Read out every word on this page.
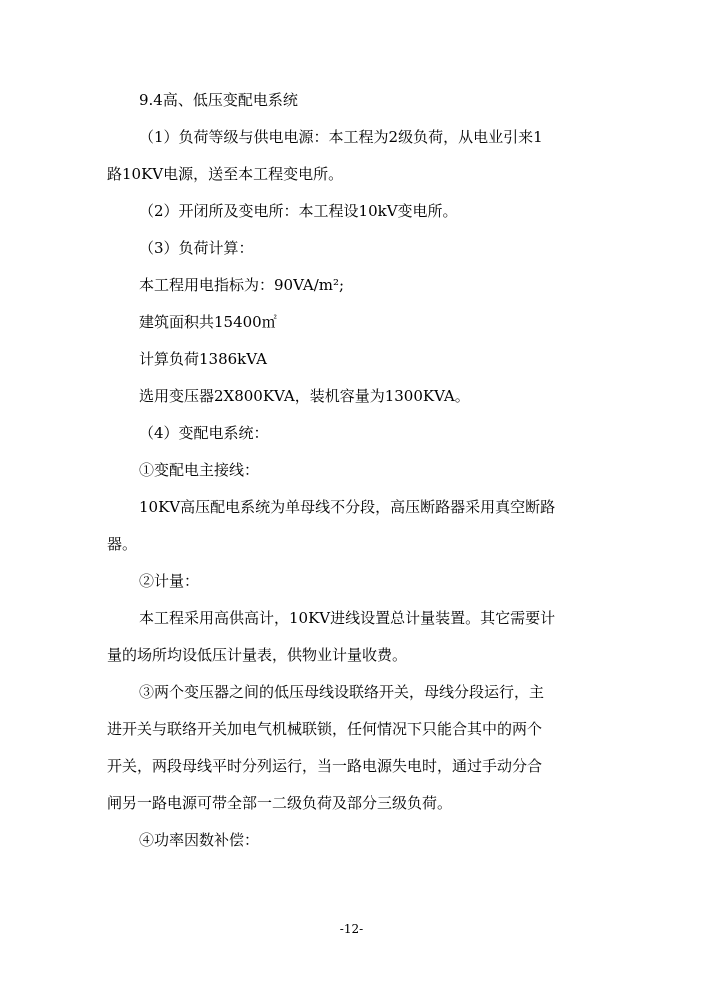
9.4高、低压变配电系统
（1）负荷等级与供电电源：本工程为2级负荷，从电业引来1
路10KV电源，送至本工程变电所。
（2）开闭所及变电所：本工程设10kV变电所。
（3）负荷计算：
本工程用电指标为：90VA/m²;
建筑面积共15400㎡
计算负荷1386kVA
选用变压器2X800KVA，装机容量为1300KVA。
（4）变配电系统：
①变配电主接线：
10KV高压配电系统为单母线不分段，高压断路器采用真空断路
器。
②计量：
本工程采用高供高计，10KV进线设置总计量装置。其它需要计
量的场所均设低压计量表，供物业计量收费。
③两个变压器之间的低压母线设联络开关，母线分段运行，主
进开关与联络开关加电气机械联锁，任何情况下只能合其中的两个
开关，两段母线平时分列运行，当一路电源失电时，通过手动分合
闸另一路电源可带全部一二级负荷及部分三级负荷。
④功率因数补偿：
-12-
